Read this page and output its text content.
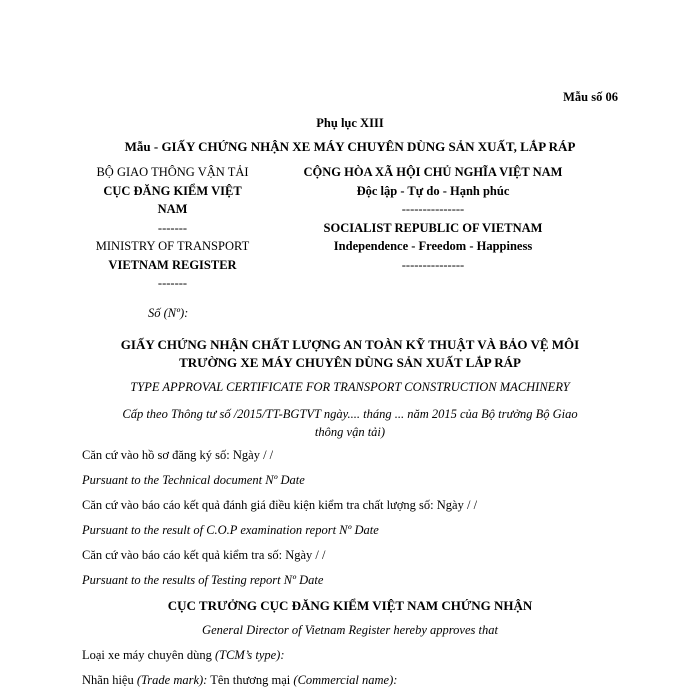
Mẫu số 06
Phụ lục XIII
Mẫu - GIẤY CHỨNG NHẬN XE MÁY CHUYÊN DÙNG SẢN XUẤT, LẮP RÁP
BỘ GIAO THÔNG VẬN TẢI
CỤC ĐĂNG KIỂM VIỆT
NAM
-------
MINISTRY OF TRANSPORT
VIETNAM REGISTER
-------
CỘNG HÒA XÃ HỘI CHỦ NGHĨA VIỆT NAM
Độc lập - Tự do - Hạnh phúc
---------------
SOCIALIST REPUBLIC OF VIETNAM
Independence - Freedom - Happiness
---------------
Số (Nº):
GIẤY CHỨNG NHẬN CHẤT LƯỢNG AN TOÀN KỸ THUẬT VÀ BẢO VỆ MÔI TRƯỜNG XE MÁY CHUYÊN DÙNG SẢN XUẤT LẮP RÁP
TYPE APPROVAL CERTIFICATE FOR TRANSPORT CONSTRUCTION MACHINERY
Cấp theo Thông tư số /2015/TT-BGTVT ngày.... tháng ... năm 2015 của Bộ trưởng Bộ Giao thông vận tải)
Căn cứ vào hồ sơ đăng ký số: Ngày / /
Pursuant to the Technical document Nº Date
Căn cứ vào báo cáo kết quả đánh giá điều kiện kiểm tra chất lượng số: Ngày / /
Pursuant to the result of C.O.P examination report Nº Date
Căn cứ vào báo cáo kết quả kiểm tra số: Ngày / /
Pursuant to the results of Testing report Nº Date
CỤC TRƯỞNG CỤC ĐĂNG KIỂM VIỆT NAM CHỨNG NHẬN
General Director of Vietnam Register hereby approves that
Loại xe máy chuyên dùng (TCM’s type):
Nhãn hiệu (Trade mark): Tên thương mại (Commercial name):
